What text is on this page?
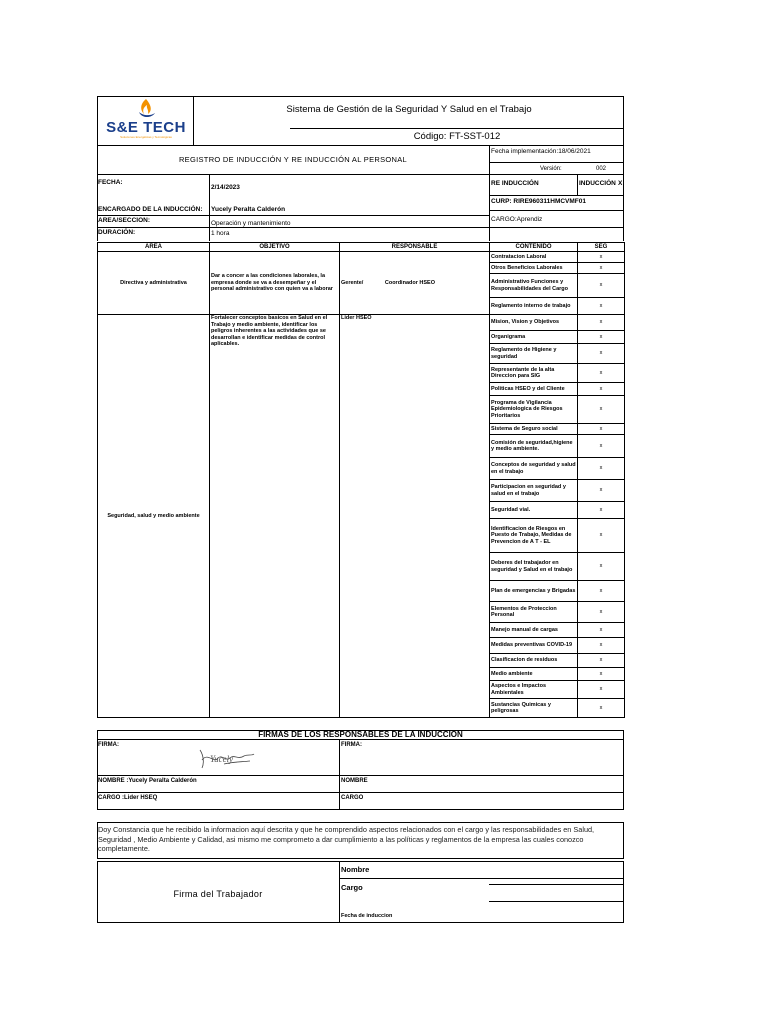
S&E TECH
Soluciones Energéticas y Tecnológicas
Sistema de Gestión de la Seguridad Y Salud en el Trabajo
Código: FT-SST-012
REGISTRO DE INDUCCIÓN Y RE INDUCCIÓN AL PERSONAL
Fecha implementación:18/06/2021
Versión:	002
FECHA:
2/14/2023
RE INDUCCIÓN	INDUCCIÓN X
CURP: RIRE960311HMCVMF01
ENCARGADO DE LA INDUCCIÓN: Yucely Peralta Calderón
AREA/SECCION:	Operación y mantenimiento
CARGO:Aprendiz
DURACIÓN:	1 hora
AREA	OBJETIVO	RESPONSABLE	CONTENIDO	SEG
Directiva y administrativa	Dar a concer a las condiciones laborales, la empresa donde se va a desempeñar y el personal administrativo con quien va a laborar	Gerente/ Coordinador HSEO	Contratacion Laboral	x
			Otros Beneficios Laborales	x
			Administrativo Funciones y Responsabilidades del Cargo	x
			Reglamento interno de trabajo	x
Seguridad, salud y medio ambiente	Fortalecer conceptos basicos en Salud en el Trabajo y medio ambiente, identificar los peligros inherentes a las actividades que se desarrollan e identificar medidas de control aplicables.	Lider HSEO	Mision, Vision y Objetivos	x
			Organigrama	x
			Reglamento de Higiene y seguridad	x
			Representante de la alta Direccion para SIG	x
			Politicas HSEO y del Cliente	x
			Programa de Vigilancia Epidemiologica de Riesgos Prioritarios	x
			Sistema de Seguro social	x
			Comisión de seguridad,higiene y medio ambiente.	x
			Conceptos de seguridad y salud en el trabajo	x
			Participacion en seguridad y salud en el trabajo	x
			Seguridad vial.	x
			Identificacion de Riesgos en Puesto de Trabajo, Medidas de Prevencion de A T - EL	x
			Deberes del trabajador en seguridad y Salud en el trabajo	x
			Plan de emergencias y Brigadas	x
			Elementos de Proteccion Personal	x
			Manejo manual de cargas	x
			Medidas preventivas COVID-19	x
			Clasificacion de residuos	x
			Medio ambiente	x
			Aspectos e Impactos Ambientales	x
			Sustancias Quimicas y peligrosas	x
FIRMAS DE LOS RESPONSABLES DE LA INDUCCION
FIRMA:	FIRMA:
Yucely
NOMBRE :Yucely Peralta Calderón	NOMBRE
CARGO :Lider HSEQ	CARGO
Doy Constancia que he recibido la informacion aquí descrita y que he comprendido aspectos relacionados con el cargo y las responsabilidades en Salud, Seguridad , Medio Ambiente y Calidad, asi mismo me comprometo a dar cumplimiento a las políticas y reglamentos de la empresa las cuales conozco completamente.
Firma del Trabajador
Nombre
Cargo
Fecha de induccion
